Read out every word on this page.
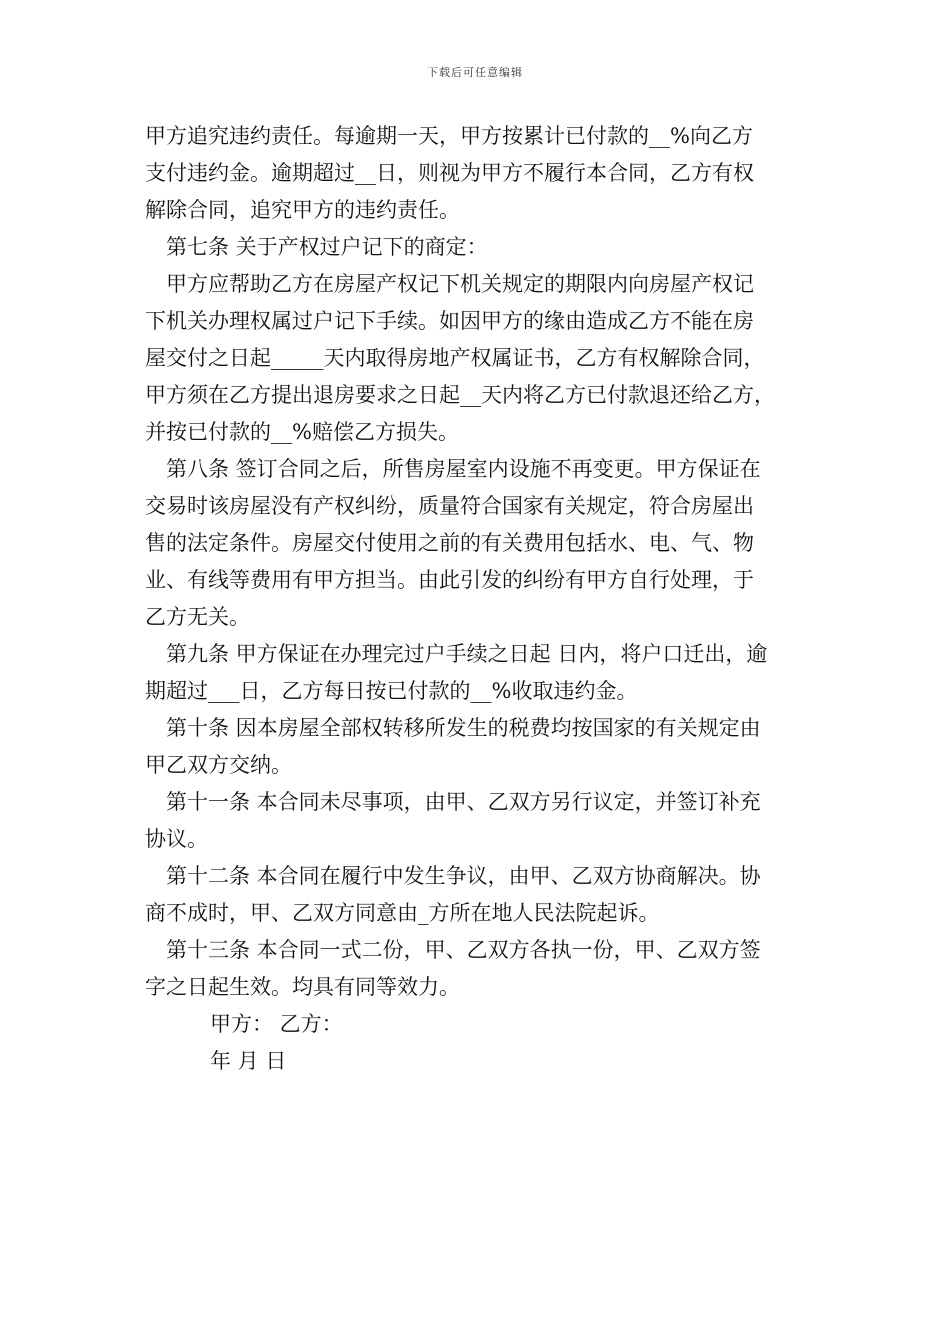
下载后可任意编辑
甲方追究违约责任。每逾期一天，甲方按累计已付款的__%向乙方
支付违约金。逾期超过__日，则视为甲方不履行本合同，乙方有权
解除合同，追究甲方的违约责任。
第七条 关于产权过户记下的商定：
甲方应帮助乙方在房屋产权记下机关规定的期限内向房屋产权记
下机关办理权属过户记下手续。如因甲方的缘由造成乙方不能在房
屋交付之日起_____天内取得房地产权属证书，乙方有权解除合同，
甲方须在乙方提出退房要求之日起__天内将乙方已付款退还给乙方，
并按已付款的__%赔偿乙方损失。
第八条 签订合同之后，所售房屋室内设施不再变更。甲方保证在
交易时该房屋没有产权纠纷，质量符合国家有关规定，符合房屋出
售的法定条件。房屋交付使用之前的有关费用包括水、电、气、物
业、有线等费用有甲方担当。由此引发的纠纷有甲方自行处理，于
乙方无关。
第九条 甲方保证在办理完过户手续之日起 日内，将户口迁出，逾
期超过___日，乙方每日按已付款的__%收取违约金。
第十条 因本房屋全部权转移所发生的税费均按国家的有关规定由
甲乙双方交纳。
第十一条 本合同未尽事项，由甲、乙双方另行议定，并签订补充
协议。
第十二条 本合同在履行中发生争议，由甲、乙双方协商解决。协
商不成时，甲、乙双方同意由_方所在地人民法院起诉。
第十三条 本合同一式二份，甲、乙双方各执一份，甲、乙双方签
字之日起生效。均具有同等效力。
甲方： 乙方：
年 月 日
